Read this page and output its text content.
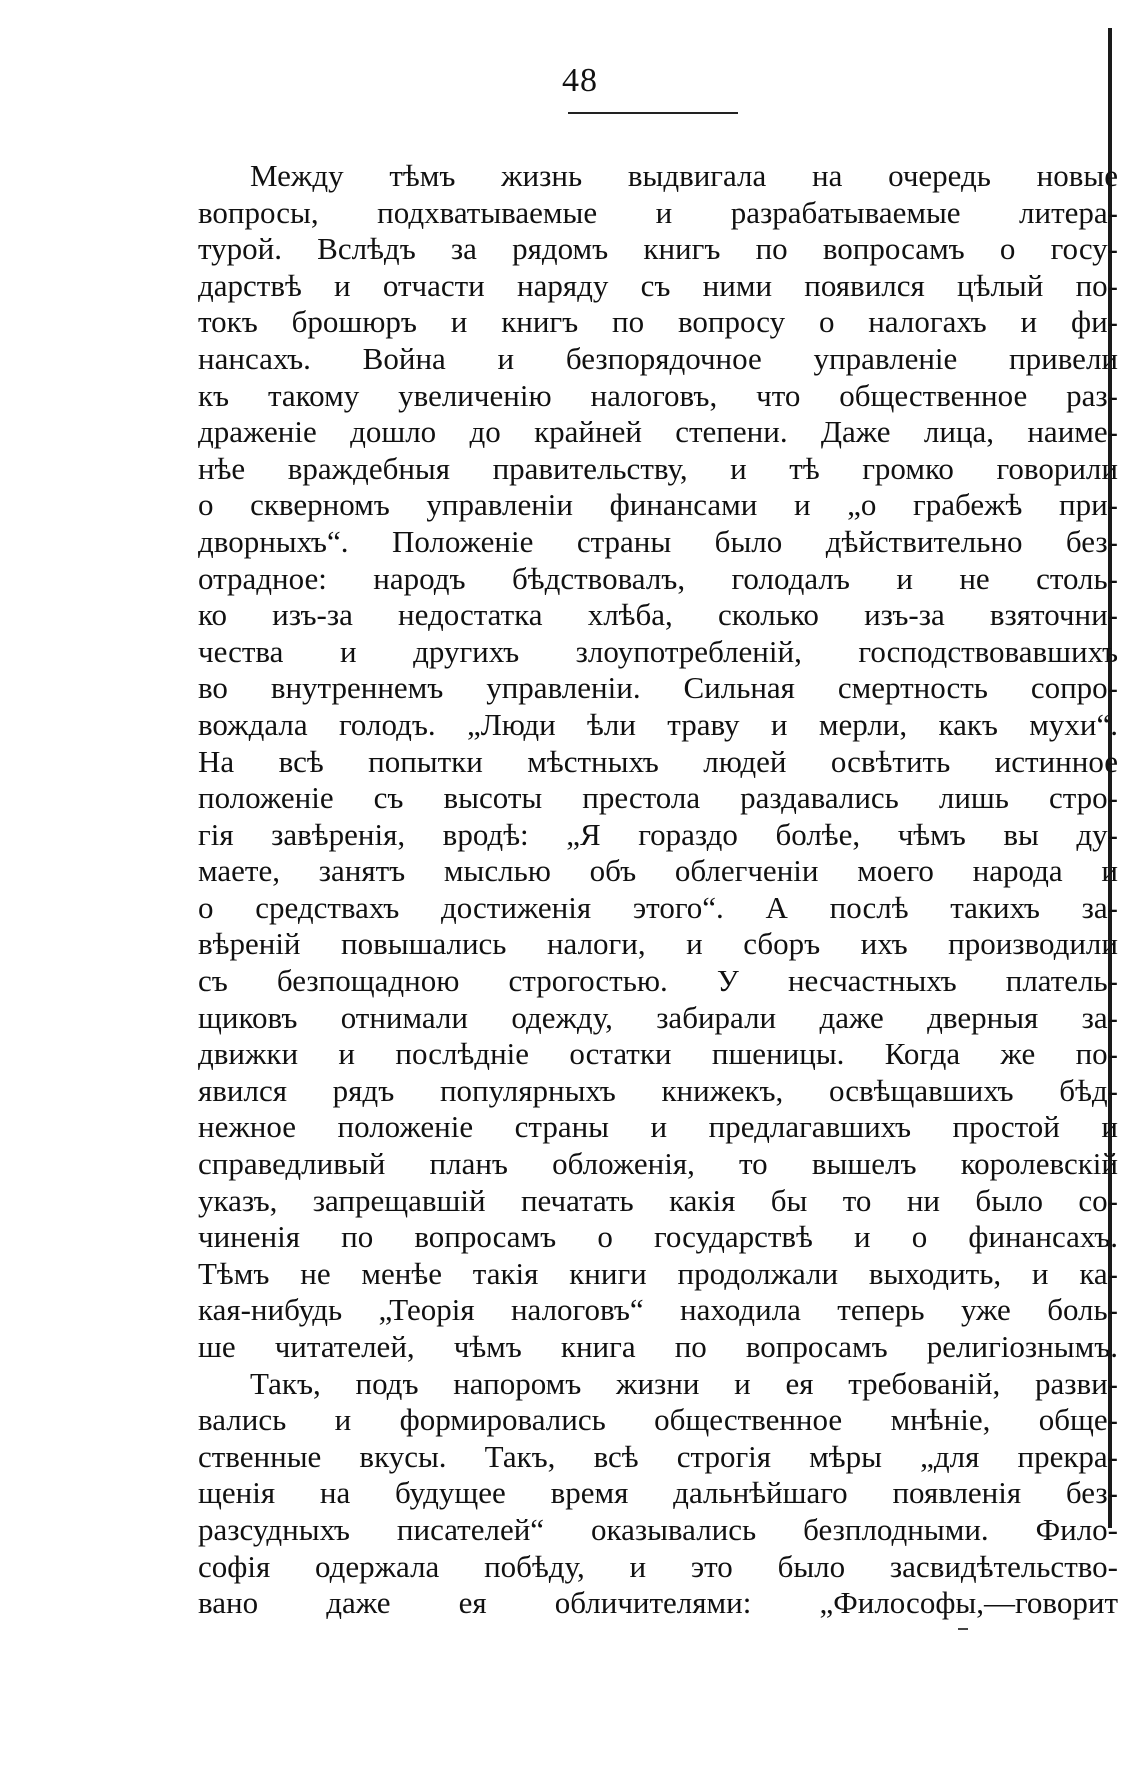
48
Между тѣмъ жизнь выдвигала на очередь новые
вопросы, подхватываемые и разрабатываемые литера-
турой. Вслѣдъ за рядомъ книгъ по вопросамъ о госу-
дарствѣ и отчасти наряду съ ними появился цѣлый по-
токъ брошюръ и книгъ по вопросу о налогахъ и фи-
нансахъ. Война и безпорядочное управленіе привели
къ такому увеличенію налоговъ, что общественное раз-
драженіе дошло до крайней степени. Даже лица, наиме-
нѣе враждебныя правительству, и тѣ громко говорили
о скверномъ управленіи финансами и „о грабежѣ при-
дворныхъ“. Положеніе страны было дѣйствительно без-
отрадное: народъ бѣдствовалъ, голодалъ и не столь-
ко изъ-за недостатка хлѣба, сколько изъ-за взяточни-
чества и другихъ злоупотребленій, господствовавшихъ
во внутреннемъ управленіи. Сильная смертность сопро-
вождала голодъ. „Люди ѣли траву и мерли, какъ мухи“.
На всѣ попытки мѣстныхъ людей освѣтить истинное
положеніе съ высоты престола раздавались лишь стро-
гія завѣренія, вродѣ: „Я гораздо болѣе, чѣмъ вы ду-
маете, занятъ мыслью объ облегченіи моего народа и
о средствахъ достиженія этого“. А послѣ такихъ за-
вѣреній повышались налоги, и сборъ ихъ производили
съ безпощадною строгостью. У несчастныхъ платель-
щиковъ отнимали одежду, забирали даже дверныя за-
движки и послѣдніе остатки пшеницы. Когда же по-
явился рядъ популярныхъ книжекъ, освѣщавшихъ бѣд-
нежное положеніе страны и предлагавшихъ простой и
справедливый планъ обложенія, то вышелъ королевскій
указъ, запрещавшій печатать какія бы то ни было со-
чиненія по вопросамъ о государствѣ и о финансахъ.
Тѣмъ не менѣе такія книги продолжали выходить, и ка-
кая-нибудь „Теорія налоговъ“ находила теперь уже боль-
ше читателей, чѣмъ книга по вопросамъ религіознымъ.
Такъ, подъ напоромъ жизни и ея требованій, разви-
вались и формировались общественное мнѣніе, обще-
ственные вкусы. Такъ, всѣ строгія мѣры „для прекра-
щенія на будущее время дальнѣйшаго появленія без-
разсудныхъ писателей“ оказывались безплодными. Фило-
софія одержала побѣду, и это было засвидѣтельство-
вано даже ея обличителями: „Философы,—говорит
